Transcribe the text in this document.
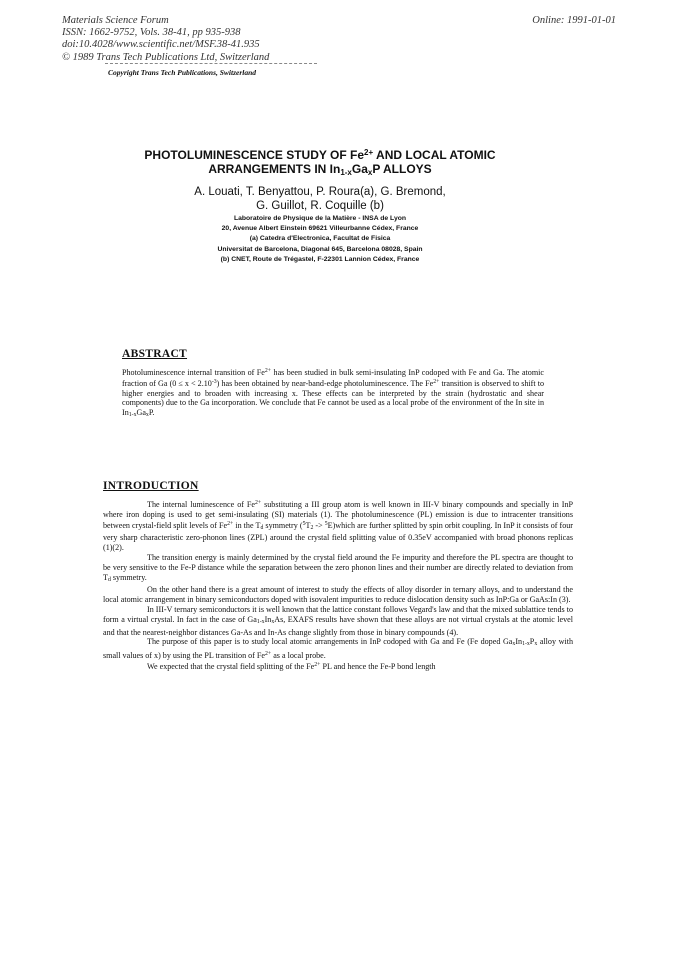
Materials Science Forum
ISSN: 1662-9752, Vols. 38-41, pp 935-938
doi:10.4028/www.scientific.net/MSF.38-41.935
© 1989 Trans Tech Publications Ltd, Switzerland
Online: 1991-01-01
Copyright Trans Tech Publications, Switzerland
PHOTOLUMINESCENCE STUDY OF $Fe^{2+}$ AND LOCAL ATOMIC
ARRANGEMENTS IN In1-xGaxP ALLOYS
A. Louati, T. Benyattou, P. Roura(a), G. Bremond,
G. Guillot, R. Coquille (b)
Laboratoire de Physique de la Matière - INSA de Lyon
20, Avenue Albert Einstein 69621 Villeurbanne Cédex, France
(a) Catedra d'Electronica, Facultat de Fisica
Universitat de Barcelona, Diagonal 645, Barcelona 08028, Spain
(b) CNET, Route de Trégastel, F-22301 Lannion Cédex, France
ABSTRACT

Photoluminescence internal transition of $Fe^{2+}$ has been studied in bulk semi-insulating InP codoped with Fe and Ga. The atomic fraction of Ga $(0 \le x < 2.10^{-3})$ has been obtained by near-band-edge photoluminescence. The $Fe^{2+}$ transition is observed to shift to higher energies and to broaden with increasing x. These effects can be interpreted by the strain (hydrostatic and shear components) due to the Ga incorporation. We conclude that Fe cannot be used as a local probe of the environment of the In site in In1-xGaxP.

INTRODUCTION

The internal luminescence of $Fe^{2+}$ substituting a III group atom is well known in III-V binary compounds and specially in InP where iron doping is used to get semi-insulating (SI) materials (1). The photoluminescence (PL) emission is due to intracenter transitions between crystal-field split levels of $Fe^{2+}$ in the Td symmetry ($^5$T2 -> $^5$E)which are further splitted by spin orbit coupling. In InP it consists of four very sharp characteristic zero-phonon lines (ZPL) around the crystal field splitting value of 0.35eV accompanied with broad phonons replicas (1)(2).

The transition energy is mainly determined by the crystal field around the Fe impurity and therefore the PL spectra are thought to be very sensitive to the Fe-P distance while the separation between the zero phonon lines and their number are directly related to deviation from Td symmetry.

On the other hand there is a great amount of interest to study the effects of alloy disorder in ternary alloys, and to understand the local atomic arrangement in binary semiconductors doped with isovalent impurities to reduce dislocation density such as InP:Ga or GaAs:In (3).

In III-V ternary semiconductors it is well known that the lattice constant follows Vegard's law and that the mixed sublattice tends to form a virtual crystal. In fact in the case of Ga1-xInxAs, EXAFS results have shown that these alloys are not virtual crystals at the atomic level and that the nearest-neighbor distances Ga-As and In-As change slightly from those in binary compounds (4).

The purpose of this paper is to study local atomic arrangements in InP codoped with Ga and Fe (Fe doped GaxIn1-xPx alloy with small values of x) by using the PL transition of $Fe^{2+}$ as a local probe.

We expected that the crystal field splitting of the $Fe^{2+}$ PL and hence the Fe-P bond length
